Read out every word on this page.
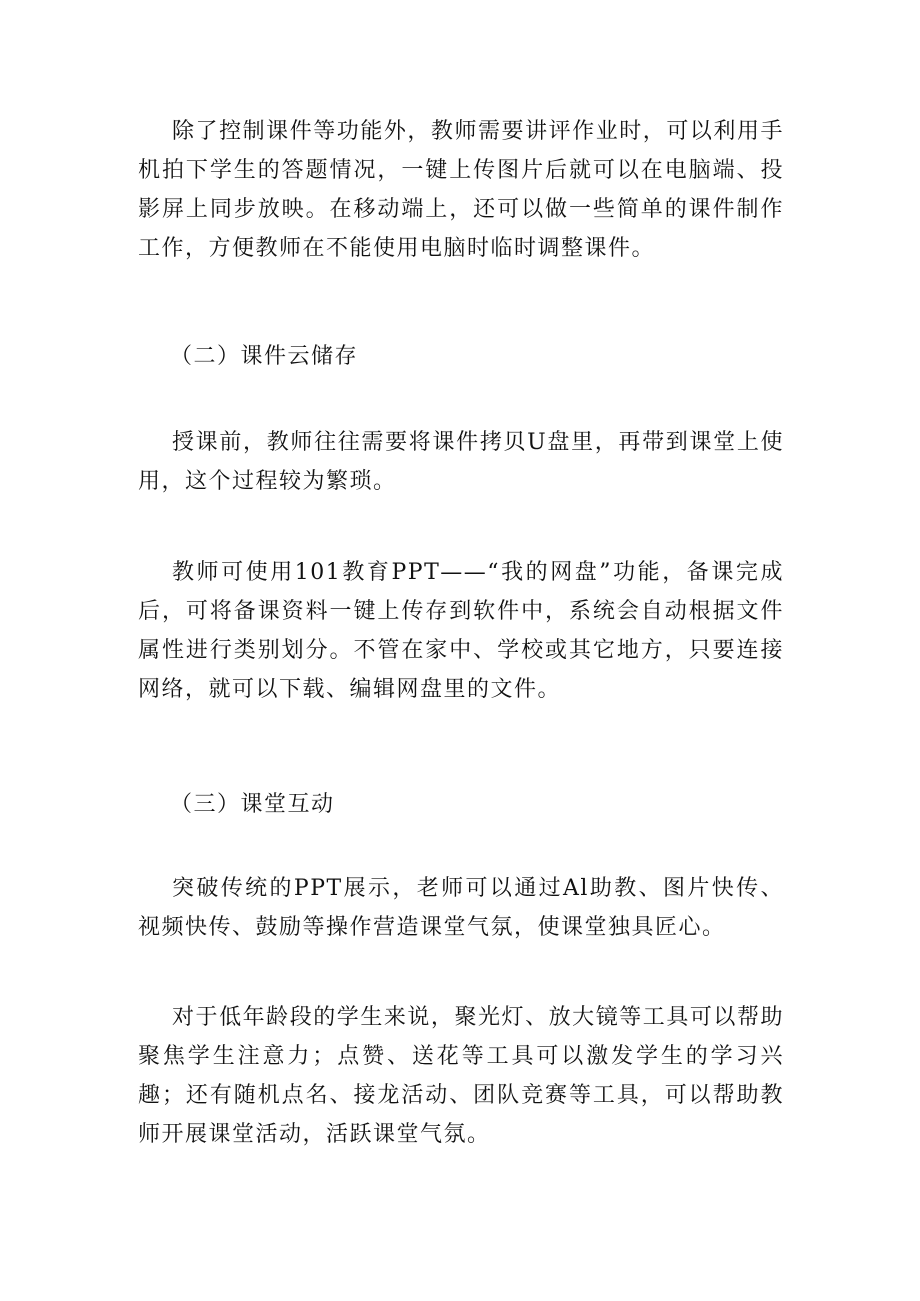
除了控制课件等功能外，教师需要讲评作业时，可以利用手机拍下学生的答题情况，一键上传图片后就可以在电脑端、投影屏上同步放映。在移动端上，还可以做一些简单的课件制作工作，方便教师在不能使用电脑时临时调整课件。

（二）课件云储存

授课前，教师往往需要将课件拷贝U盘里，再带到课堂上使用，这个过程较为繁琐。

教师可使用101教育PPT——“我的网盘”功能，备课完成后，可将备课资料一键上传存到软件中，系统会自动根据文件属性进行类别划分。不管在家中、学校或其它地方，只要连接网络，就可以下载、编辑网盘里的文件。

（三）课堂互动

突破传统的PPT展示，老师可以通过Al助教、图片快传、视频快传、鼓励等操作营造课堂气氛，使课堂独具匠心。

对于低年龄段的学生来说，聚光灯、放大镜等工具可以帮助聚焦学生注意力；点赞、送花等工具可以激发学生的学习兴趣；还有随机点名、接龙活动、团队竞赛等工具，可以帮助教师开展课堂活动，活跃课堂气氛。
